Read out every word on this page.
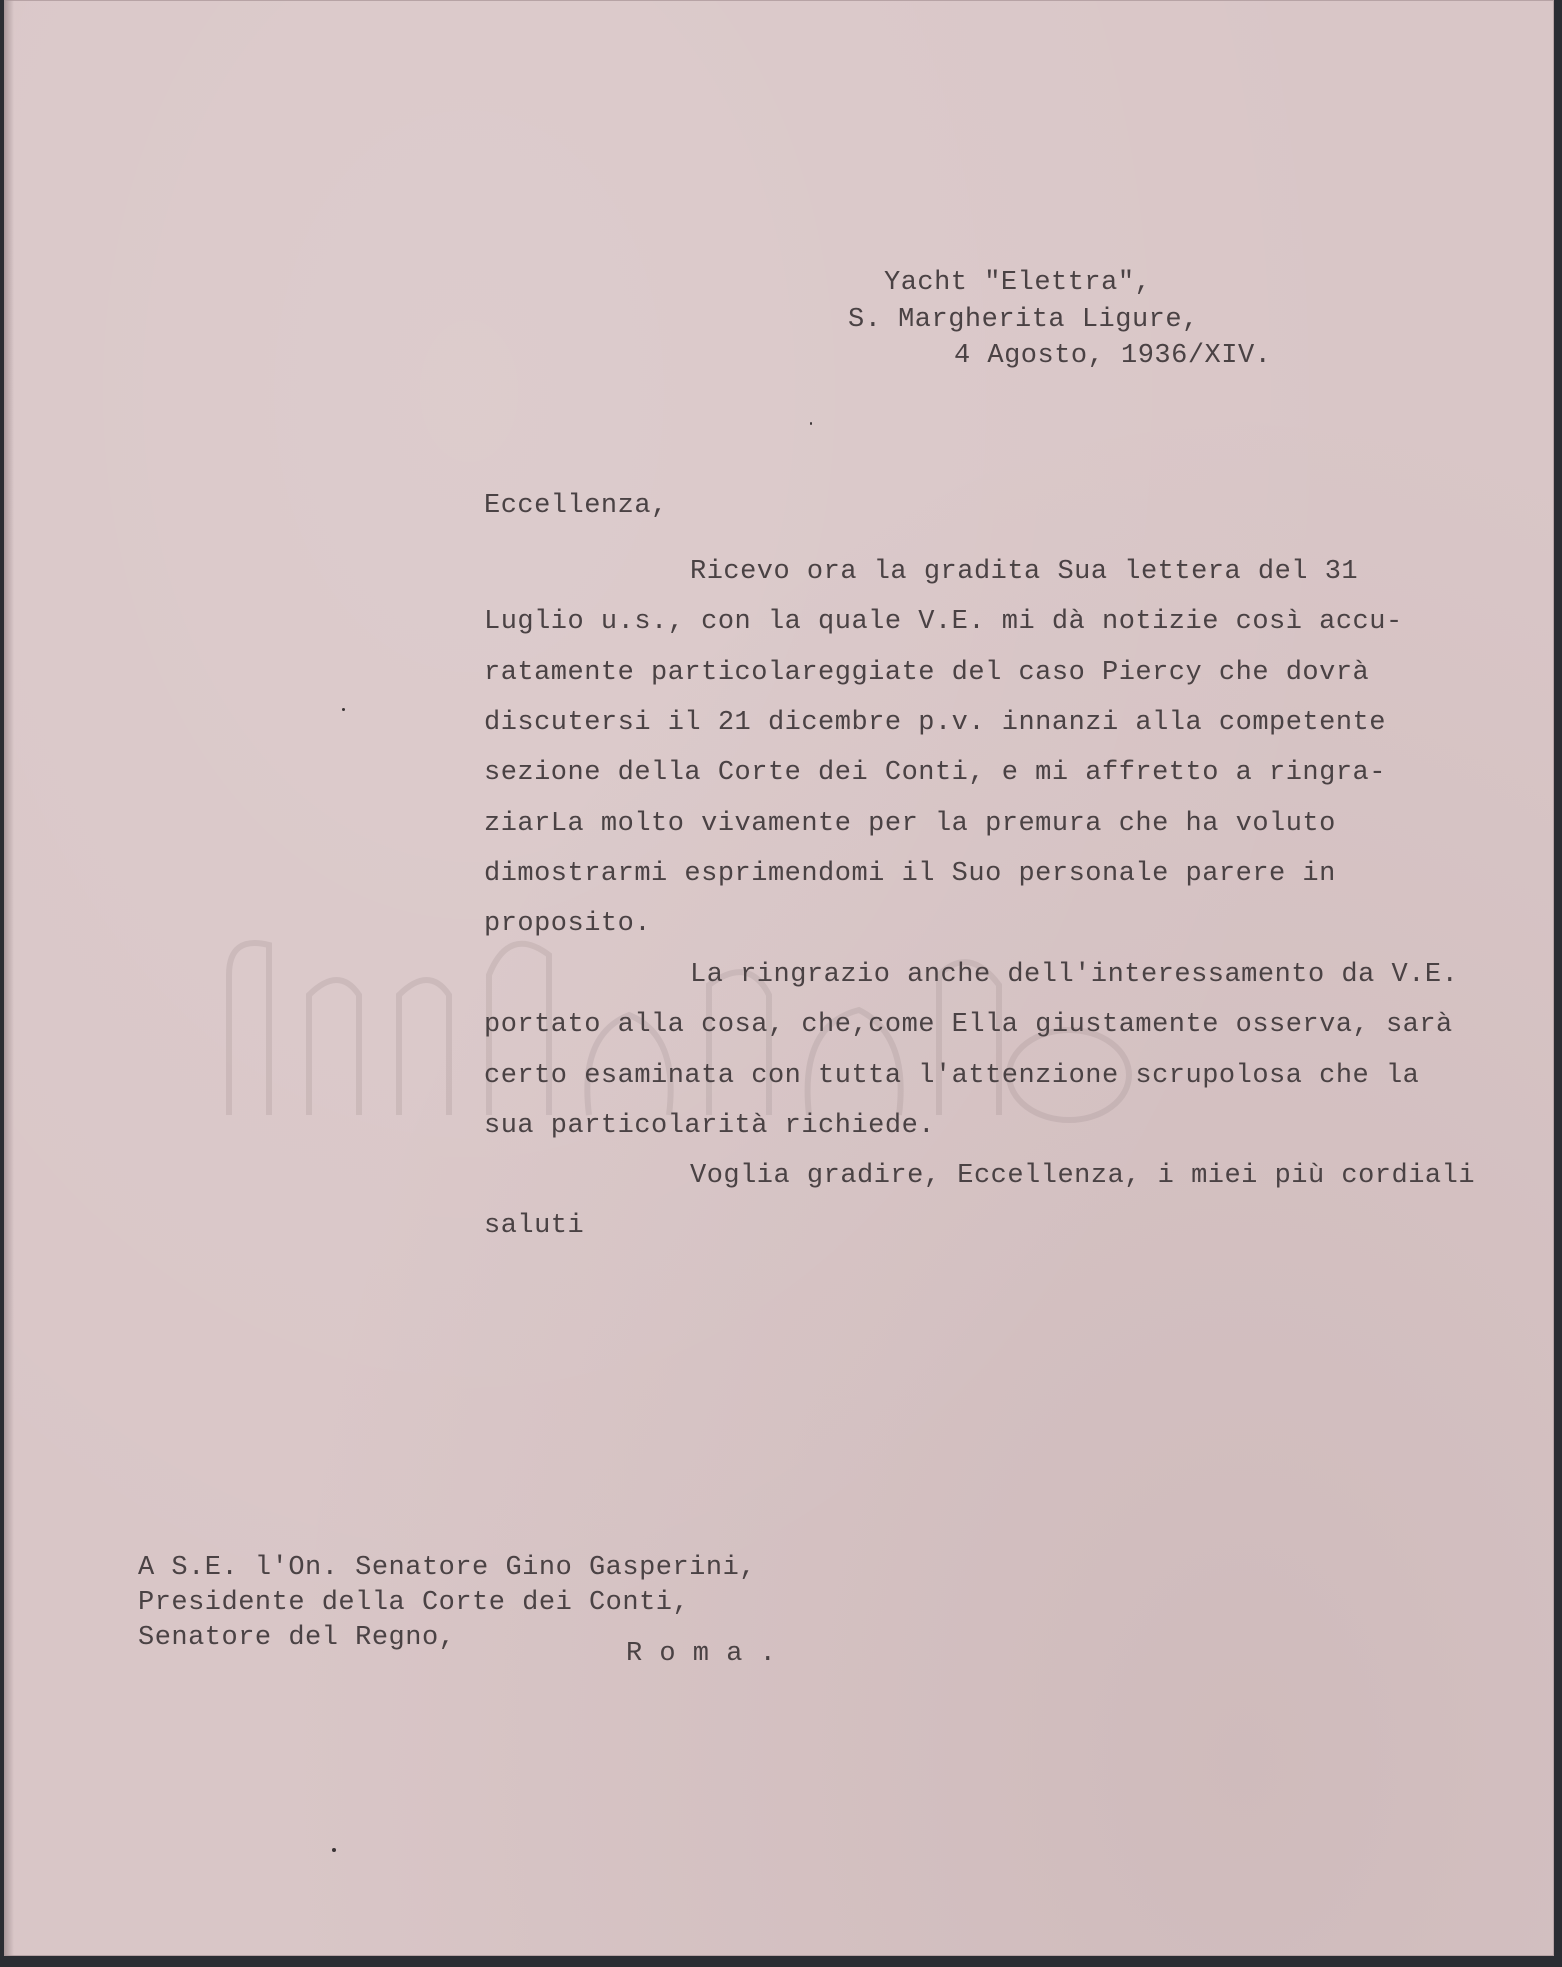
Yacht "Elettra",

S. Margherita Ligure,

4 Agosto, 1936/XIV.

Eccellenza,

Ricevo ora la gradita Sua lettera del 31

Luglio u.s., con la quale V.E. mi dà notizie così accu-

ratamente particolareggiate del caso Piercy che dovrà

discutersi il 21 dicembre p.v. innanzi alla competente

sezione della Corte dei Conti, e mi affretto a ringra-

ziarLa molto vivamente per la premura che ha voluto

dimostrarmi esprimendomi il Suo personale parere in

proposito.

La ringrazio anche dell'interessamento da V.E.

portato alla cosa, che,come Ella giustamente osserva, sarà

certo esaminata con tutta l'attenzione scrupolosa che la

sua particolarità richiede.

Voglia gradire, Eccellenza, i miei più cordiali

saluti

A S.E. l'On. Senatore Gino Gasperini,

Presidente della Corte dei Conti,

Senatore del Regno,

R o m a .
